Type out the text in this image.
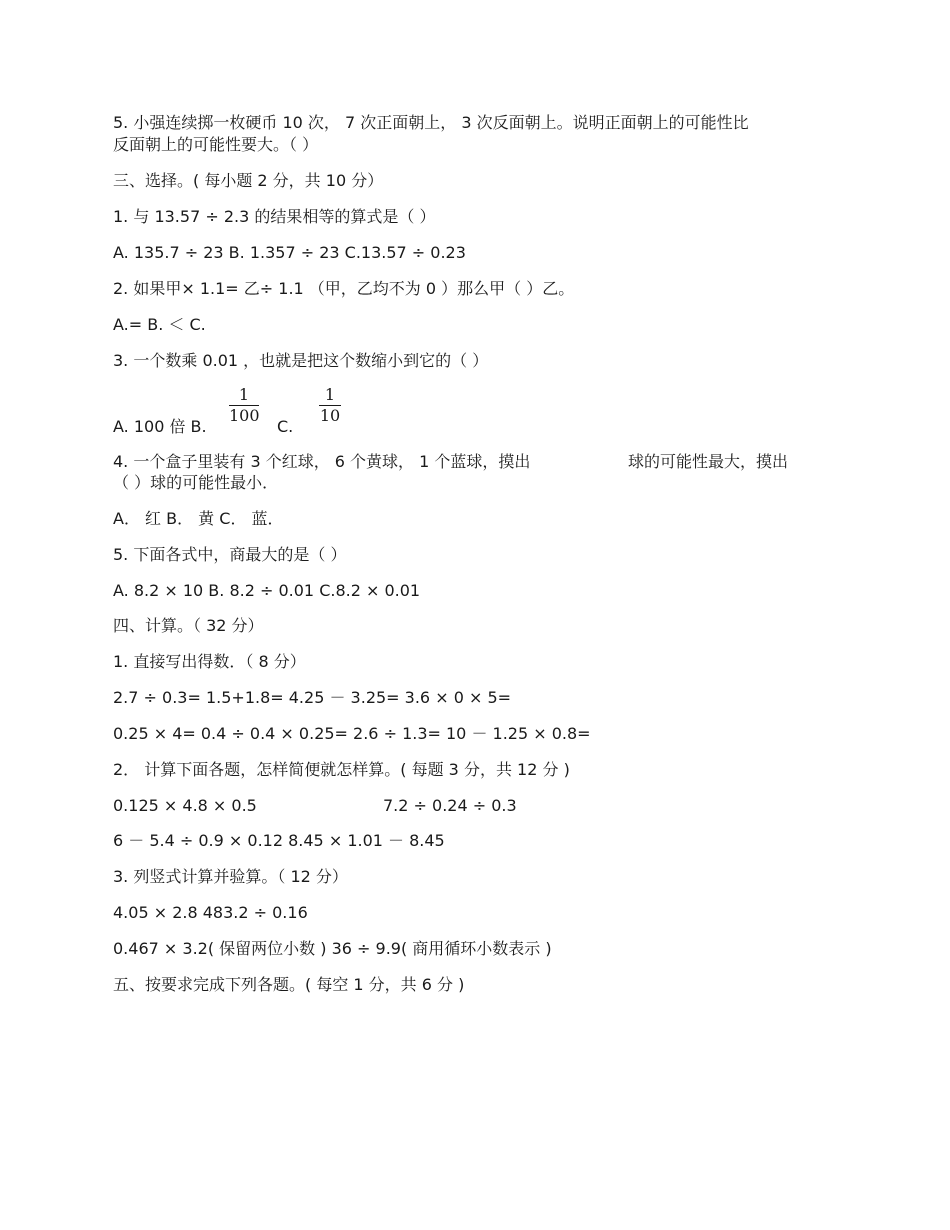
5. 小强连续掷一枚硬币 10 次， 7 次正面朝上， 3 次反面朝上。说明正面朝上的可能性比
反面朝上的可能性要大。（ ）
三、选择。( 每小题 2 分，共 10 分）
1. 与 13.57 ÷ 2.3 的结果相等的算式是（ ）
A. 135.7 ÷ 23 B. 1.357 ÷ 23 C.13.57 ÷ 0.23
2. 如果甲× 1.1= 乙÷ 1.1 （甲，乙均不为 0 ）那么甲（ ）乙。
A.= B. ＜ C.
3. 一个数乘 0.01 ，也就是把这个数缩小到它的（ ）
A. 100 倍 B.
1
100
C.
1
10
4. 一个盒子里装有 3 个红球， 6 个黄球， 1 个蓝球，摸出	球的可能性最大，摸出
（ ）球的可能性最小．
A． 红 B． 黄 C． 蓝．
5. 下面各式中，商最大的是（ ）
A. 8.2 × 10 B. 8.2 ÷ 0.01 C.8.2 × 0.01
四、计算。（ 32 分）
1. 直接写出得数．（ 8 分）
2.7 ÷ 0.3= 1.5+1.8= 4.25 － 3.25= 3.6 × 0 × 5=
0.25 × 4= 0.4 ÷ 0.4 × 0.25= 2.6 ÷ 1.3= 10 － 1.25 × 0.8=
2． 计算下面各题，怎样简便就怎样算。( 每题 3 分，共 12 分 )
0.125 × 4.8 × 0.5	7.2 ÷ 0.24 ÷ 0.3
6 － 5.4 ÷ 0.9 × 0.12 8.45 × 1.01 － 8.45
3. 列竖式计算并验算。（ 12 分）
4.05 × 2.8 483.2 ÷ 0.16
0.467 × 3.2( 保留两位小数 ) 36 ÷ 9.9( 商用循环小数表示 )
五、按要求完成下列各题。( 每空 1 分，共 6 分 )
